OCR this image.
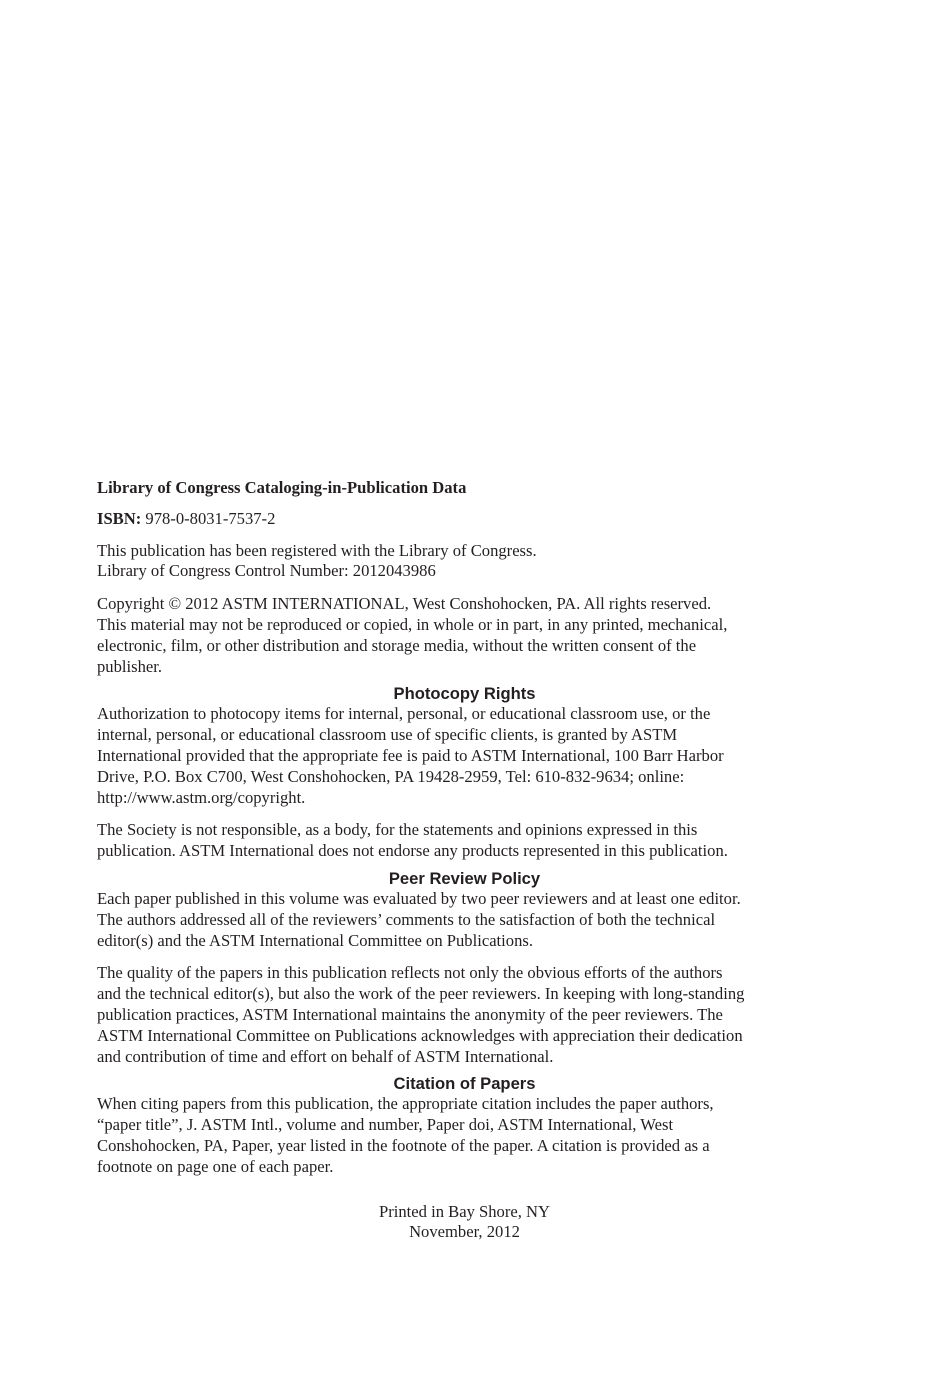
Library of Congress Cataloging-in-Publication Data

ISBN: 978-0-8031-7537-2

This publication has been registered with the Library of Congress.
Library of Congress Control Number: 2012043986

Copyright © 2012 ASTM INTERNATIONAL, West Conshohocken, PA. All rights reserved.
This material may not be reproduced or copied, in whole or in part, in any printed, mechanical,
electronic, film, or other distribution and storage media, without the written consent of the
publisher.

Photocopy Rights

Authorization to photocopy items for internal, personal, or educational classroom use, or the
internal, personal, or educational classroom use of specific clients, is granted by ASTM
International provided that the appropriate fee is paid to ASTM International, 100 Barr Harbor
Drive, P.O. Box C700, West Conshohocken, PA 19428-2959, Tel: 610-832-9634; online:
http://www.astm.org/copyright.

The Society is not responsible, as a body, for the statements and opinions expressed in this
publication. ASTM International does not endorse any products represented in this publication.

Peer Review Policy

Each paper published in this volume was evaluated by two peer reviewers and at least one editor.
The authors addressed all of the reviewers’ comments to the satisfaction of both the technical
editor(s) and the ASTM International Committee on Publications.

The quality of the papers in this publication reflects not only the obvious efforts of the authors
and the technical editor(s), but also the work of the peer reviewers. In keeping with long-standing
publication practices, ASTM International maintains the anonymity of the peer reviewers. The
ASTM International Committee on Publications acknowledges with appreciation their dedication
and contribution of time and effort on behalf of ASTM International.

Citation of Papers

When citing papers from this publication, the appropriate citation includes the paper authors,
“paper title”, J. ASTM Intl., volume and number, Paper doi, ASTM International, West
Conshohocken, PA, Paper, year listed in the footnote of the paper. A citation is provided as a
footnote on page one of each paper.

Printed in Bay Shore, NY
November, 2012
